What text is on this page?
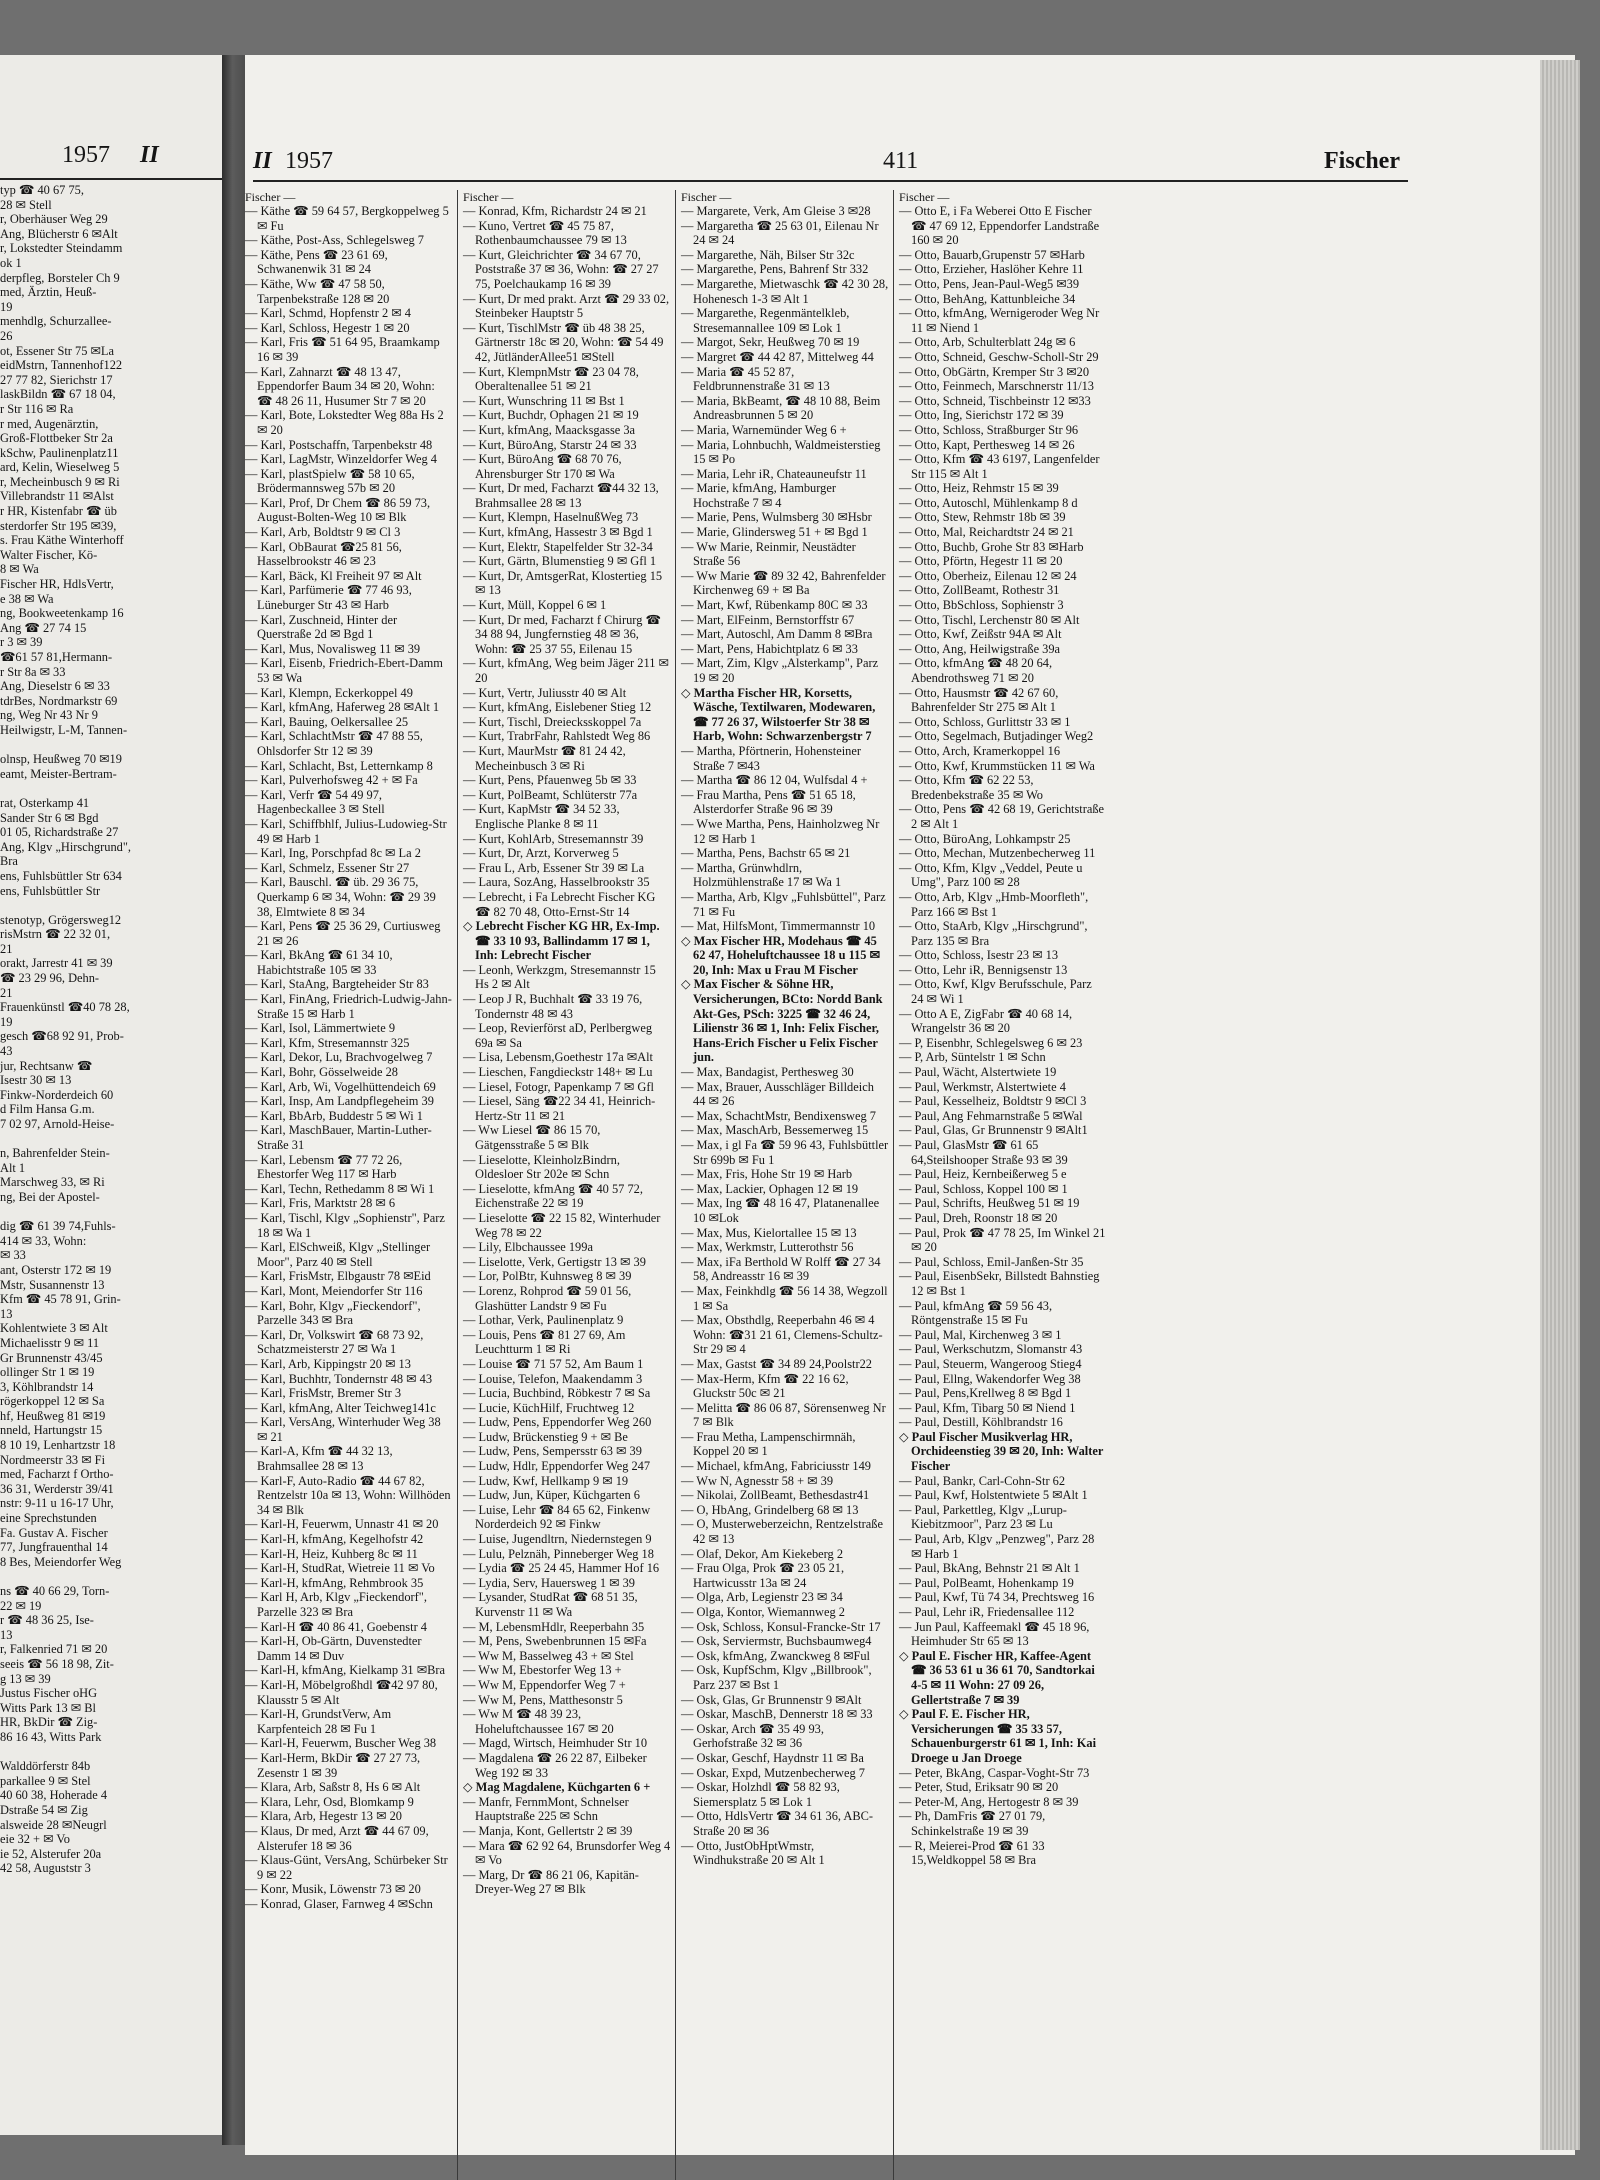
1957 II
typ ☎ 40 67 75,
28 ✉ Stell
r, Oberhäuser Weg 29
Ang, Blücherstr 6 ✉Alt
r, Lokstedter Steindamm
ok 1
derpfleg, Borsteler Ch 9
med, Ärztin, Heuß-
19
menhdlg, Schurzallee-
26
ot, Essener Str 75 ✉La
eidMstrn, Tannenhof122
27 77 82, Sierichstr 17
laskBildn ☎ 67 18 04,
r Str 116 ✉ Ra
r med, Augenärztin,
Groß-Flottbeker Str 2a
kSchw, Paulinenplatz11
ard, Kelin, Wieselweg 5
r, Mecheinbusch 9 ✉ Ri
Villebrandstr 11 ✉Alst
r HR, Kistenfabr ☎ üb
sterdorfer Str 195 ✉39,
s. Frau Käthe Winterhoff
Walter Fischer, Kö-
8 ✉ Wa
Fischer HR, HdlsVertr,
e 38 ✉ Wa
ng, Bookweetenkamp 16
Ang ☎ 27 74 15
r 3 ✉ 39
☎61 57 81,Hermann-
r Str 8a ✉ 33
Ang, Dieselstr 6 ✉ 33
tdrBes, Nordmarkstr 69
ng, Weg Nr 43 Nr 9
Heilwigstr, L-M, Tannen-

olnsp, Heußweg 70 ✉19
eamt, Meister-Bertram-

rat, Osterkamp 41
Sander Str 6 ✉ Bgd
01 05, Richardstraße 27
Ang, Klgv „Hirschgrund",
Bra
ens, Fuhlsbüttler Str 634
ens, Fuhlsbüttler Str

stenotyp, Grögersweg12
risMstrn ☎ 22 32 01,
21
orakt, Jarrestr 41 ✉ 39
☎ 23 29 96, Dehn-
21
Frauenkünstl ☎40 78 28,
19
gesch ☎68 92 91, Prob-
43
jur, Rechtsanw ☎
Isestr 30 ✉ 13
Finkw-Norderdeich 60
d Film Hansa G.m.
7 02 97, Arnold-Heise-

n, Bahrenfelder Stein-
Alt 1
Marschweg 33, ✉ Ri
ng, Bei der Apostel-

dig ☎ 61 39 74,Fuhls-
414 ✉ 33, Wohn:
✉ 33
ant, Osterstr 172 ✉ 19
Mstr, Susannenstr 13
Kfm ☎ 45 78 91, Grin-
13
Kohlentwiete 3 ✉ Alt
Michaelisstr 9 ✉ 11
Gr Brunnenstr 43/45
ollinger Str 1 ✉ 19
3, Köhlbrandstr 14
rögerkoppel 12 ✉ Sa
hf, Heußweg 81 ✉19
nneld, Hartungstr 15
8 10 19, Lenhartzstr 18
Nordmeerstr 33 ✉ Fi
med, Facharzt f Ortho-
36 31, Werderstr 39/41
nstr: 9-11 u 16-17 Uhr,
eine Sprechstunden
Fa. Gustav A. Fischer
77, Jungfrauenthal 14
8 Bes, Meiendorfer Weg

ns ☎ 40 66 29, Torn-
22 ✉ 19
r ☎ 48 36 25, Ise-
13
r, Falkenried 71 ✉ 20
seeis ☎ 56 18 98, Zit-
g 13 ✉ 39
Justus Fischer oHG
Witts Park 13 ✉ Bl
HR, BkDir ☎ Zig-
86 16 43, Witts Park

Walddörferstr 84b
parkallee 9 ✉ Stel
40 60 38, Hoherade 4
Dstraße 54 ✉ Zig
alsweide 28 ✉Neugrl
eie 32 + ✉ Vo
ie 52, Alsterufer 20a
42 58, Auguststr 3
II 1957	411	Fischer
Fischer —
— Käthe ☎ 59 64 57, Bergkoppelweg 5 ✉ Fu
— Käthe, Post-Ass, Schlegelsweg 7
— Käthe, Pens ☎ 23 61 69, Schwanenwik 31 ✉ 24
— Käthe, Ww ☎ 47 58 50, Tarpenbekstraße 128 ✉ 20
— Karl, Schmd, Hopfenstr 2 ✉ 4
— Karl, Schloss, Hegestr 1 ✉ 20
— Karl, Fris ☎ 51 64 95, Braamkamp 16 ✉ 39
— Karl, Zahnarzt ☎ 48 13 47, Eppendorfer Baum 34 ✉ 20, Wohn: ☎ 48 26 11, Husumer Str 7 ✉ 20
— Karl, Bote, Lokstedter Weg 88a Hs 2 ✉ 20
— Karl, Postschaffn, Tarpenbekstr 48
— Karl, LagMstr, Winzeldorfer Weg 4
— Karl, plastSpielw ☎ 58 10 65, Brödermannsweg 57b ✉ 20
— Karl, Prof, Dr Chem ☎ 86 59 73, August-Bolten-Weg 10 ✉ Blk
— Karl, Arb, Boldtstr 9 ✉ Cl 3
— Karl, ObBaurat ☎25 81 56, Hasselbrookstr 46 ✉ 23
— Karl, Bäck, Kl Freiheit 97 ✉ Alt
— Karl, Parfümerie ☎ 77 46 93, Lüneburger Str 43 ✉ Harb
— Karl, Zuschneid, Hinter der Querstraße 2d ✉ Bgd 1
— Karl, Mus, Novalisweg 11 ✉ 39
— Karl, Eisenb, Friedrich-Ebert-Damm 53 ✉ Wa
— Karl, Klempn, Eckerkoppel 49
— Karl, kfmAng, Haferweg 28 ✉Alt 1
— Karl, Bauing, Oelkersallee 25
— Karl, SchlachtMstr ☎ 47 88 55, Ohlsdorfer Str 12 ✉ 39
— Karl, Schlacht, Bst, Letternkamp 8
— Karl, Pulverhofsweg 42 + ✉ Fa
— Karl, Verfr ☎ 54 49 97, Hagenbeckallee 3 ✉ Stell
— Karl, Schiffbhlf, Julius-Ludowieg-Str 49 ✉ Harb 1
— Karl, Ing, Porschpfad 8c ✉ La 2
— Karl, Schmelz, Essener Str 27
— Karl, Bauschl. ☎ üb. 29 36 75, Querkamp 6 ✉ 34, Wohn: ☎ 29 39 38, Elmtwiete 8 ✉ 34
— Karl, Pens ☎ 25 36 29, Curtiusweg 21 ✉ 26
— Karl, BkAng ☎ 61 34 10, Habichtstraße 105 ✉ 33
— Karl, StaAng, Bargteheider Str 83
— Karl, FinAng, Friedrich-Ludwig-Jahn-Straße 15 ✉ Harb 1
— Karl, Isol, Lämmertwiete 9
— Karl, Kfm, Stresemannstr 325
— Karl, Dekor, Lu, Brachvogelweg 7
— Karl, Bohr, Gösselweide 28
— Karl, Arb, Wi, Vogelhüttendeich 69
— Karl, Insp, Am Landpflegeheim 39
— Karl, BbArb, Buddestr 5 ✉ Wi 1
— Karl, MaschBauer, Martin-Luther-Straße 31
— Karl, Lebensm ☎ 77 72 26, Ehestorfer Weg 117 ✉ Harb
— Karl, Techn, Rethedamm 8 ✉ Wi 1
— Karl, Fris, Marktstr 28 ✉ 6
— Karl, Tischl, Klgv „Sophienstr", Parz 18 ✉ Wa 1
— Karl, ElSchweiß, Klgv „Stellinger Moor", Parz 40 ✉ Stell
— Karl, FrisMstr, Elbgaustr 78 ✉Eid
— Karl, Mont, Meiendorfer Str 116
— Karl, Bohr, Klgv „Fieckendorf", Parzelle 343 ✉ Bra
— Karl, Dr, Volkswirt ☎ 68 73 92, Schatzmeisterstr 27 ✉ Wa 1
— Karl, Arb, Kippingstr 20 ✉ 13
— Karl, Buchhtr, Tondernstr 48 ✉ 43
— Karl, FrisMstr, Bremer Str 3
— Karl, kfmAng, Alter Teichweg141c
— Karl, VersAng, Winterhuder Weg 38 ✉ 21
— Karl-A, Kfm ☎ 44 32 13, Brahmsallee 28 ✉ 13
— Karl-F, Auto-Radio ☎ 44 67 82, Rentzelstr 10a ✉ 13, Wohn: Willhöden 34 ✉ Blk
— Karl-H, Feuerwm, Unnastr 41 ✉ 20
— Karl-H, kfmAng, Kegelhofstr 42
— Karl-H, Heiz, Kuhberg 8c ✉ 11
— Karl-H, StudRat, Wietreie 11 ✉ Vo
— Karl-H, kfmAng, Rehmbrook 35
— Karl H, Arb, Klgv „Fieckendorf", Parzelle 323 ✉ Bra
— Karl-H ☎ 40 86 41, Goebenstr 4
— Karl-H, Ob-Gärtn, Duvenstedter Damm 14 ✉ Duv
— Karl-H, kfmAng, Kielkamp 31 ✉Bra
— Karl-H, Möbelgroßhdl ☎42 97 80, Klausstr 5 ✉ Alt
— Karl-H, GrundstVerw, Am Karpfenteich 28 ✉ Fu 1
— Karl-H, Feuerwm, Buscher Weg 38
— Karl-Herm, BkDir ☎ 27 27 73, Zesenstr 1 ✉ 39
— Klara, Arb, Saßstr 8, Hs 6 ✉ Alt
— Klara, Lehr, Osd, Blomkamp 9
— Klara, Arb, Hegestr 13 ✉ 20
— Klaus, Dr med, Arzt ☎ 44 67 09, Alsterufer 18 ✉ 36
— Klaus-Günt, VersAng, Schürbeker Str 9 ✉ 22
— Konr, Musik, Löwenstr 73 ✉ 20
— Konrad, Glaser, Farnweg 4 ✉Schn
Fischer —
— Konrad, Kfm, Richardstr 24 ✉ 21
— Kuno, Vertret ☎ 45 75 87, Rothenbaumchaussee 79 ✉ 13
— Kurt, Gleichrichter ☎ 34 67 70, Poststraße 37 ✉ 36, Wohn: ☎ 27 27 75, Poelchaukamp 16 ✉ 39
— Kurt, Dr med prakt. Arzt ☎ 29 33 02, Steinbeker Hauptstr 5
— Kurt, TischlMstr ☎ üb 48 38 25, Gärtnerstr 18c ✉ 20, Wohn: ☎ 54 49 42, JütländerAllee51 ✉Stell
— Kurt, KlempnMstr ☎ 23 04 78, Oberaltenallee 51 ✉ 21
— Kurt, Wunschring 11 ✉ Bst 1
— Kurt, Buchdr, Ophagen 21 ✉ 19
— Kurt, kfmAng, Maacksgasse 3a
— Kurt, BüroAng, Starstr 24 ✉ 33
— Kurt, BüroAng ☎ 68 70 76, Ahrensburger Str 170 ✉ Wa
— Kurt, Dr med, Facharzt ☎44 32 13, Brahmsallee 28 ✉ 13
— Kurt, Klempn, HaselnußWeg 73
— Kurt, kfmAng, Hassestr 3 ✉ Bgd 1
— Kurt, Elektr, Stapelfelder Str 32-34
— Kurt, Gärtn, Blumenstieg 9 ✉ Gfl 1
— Kurt, Dr, AmtsgerRat, Klostertieg 15 ✉ 13
— Kurt, Müll, Koppel 6 ✉ 1
— Kurt, Dr med, Facharzt f Chirurg ☎ 34 88 94, Jungfernstieg 48 ✉ 36, Wohn: ☎ 25 37 55, Eilenau 15
— Kurt, kfmAng, Weg beim Jäger 211 ✉ 20
— Kurt, Vertr, Juliusstr 40 ✉ Alt
— Kurt, kfmAng, Eislebener Stieg 12
— Kurt, Tischl, Dreiecksskoppel 7a
— Kurt, TrabrFahr, Rahlstedt Weg 86
— Kurt, MaurMstr ☎ 81 24 42, Mecheinbusch 3 ✉ Ri
— Kurt, Pens, Pfauenweg 5b ✉ 33
— Kurt, PolBeamt, Schlüterstr 77a
— Kurt, KapMstr ☎ 34 52 33, Englische Planke 8 ✉ 11
— Kurt, KohlArb, Stresemannstr 39
— Kurt, Dr, Arzt, Korverweg 5
— Frau L, Arb, Essener Str 39 ✉ La
— Laura, SozAng, Hasselbrookstr 35
— Lebrecht, i Fa Lebrecht Fischer KG ☎ 82 70 48, Otto-Ernst-Str 14
◇ Lebrecht Fischer KG HR, Ex-Imp. ☎ 33 10 93, Ballindamm 17 ✉ 1, Inh: Lebrecht Fischer
— Leonh, Werkzgm, Stresemannstr 15 Hs 2 ✉ Alt
— Leop J R, Buchhalt ☎ 33 19 76, Tondernstr 48 ✉ 43
— Leop, Revierförst aD, Perlbergweg 69a ✉ Sa
— Lisa, Lebensm,Goethestr 17a ✉Alt
— Lieschen, Fangdieckstr 148+ ✉ Lu
— Liesel, Fotogr, Papenkamp 7 ✉ Gfl
— Liesel, Säng ☎22 34 41, Heinrich-Hertz-Str 11 ✉ 21
— Ww Liesel ☎ 86 15 70, Gätgensstraße 5 ✉ Blk
— Lieselotte, KleinholzBindrn, Oldesloer Str 202e ✉ Schn
— Lieselotte, kfmAng ☎ 40 57 72, Eichenstraße 22 ✉ 19
— Lieselotte ☎ 22 15 82, Winterhuder Weg 78 ✉ 22
— Lily, Elbchaussee 199a
— Liselotte, Verk, Gertigstr 13 ✉ 39
— Lor, PolBtr, Kuhnsweg 8 ✉ 39
— Lorenz, Rohprod ☎ 59 01 56, Glashütter Landstr 9 ✉ Fu
— Lothar, Verk, Paulinenplatz 9
— Louis, Pens ☎ 81 27 69, Am Leuchtturm 1 ✉ Ri
— Louise ☎ 71 57 52, Am Baum 1
— Louise, Telefon, Maakendamm 3
— Lucia, Buchbind, Röbkestr 7 ✉ Sa
— Lucie, KüchHilf, Fruchtweg 12
— Ludw, Pens, Eppendorfer Weg 260
— Ludw, Brückenstieg 9 + ✉ Be
— Ludw, Pens, Sempersstr 63 ✉ 39
— Ludw, Hdlr, Eppendorfer Weg 247
— Ludw, Kwf, Hellkamp 9 ✉ 19
— Ludw, Jun, Küper, Küchgarten 6
— Luise, Lehr ☎ 84 65 62, Finkenw Norderdeich 92 ✉ Finkw
— Luise, Jugendltrn, Niedernstegen 9
— Lulu, Pelznäh, Pinneberger Weg 18
— Lydia ☎ 25 24 45, Hammer Hof 16
— Lydia, Serv, Hauersweg 1 ✉ 39
— Lysander, StudRat ☎ 68 51 35, Kurvenstr 11 ✉ Wa
— M, LebensmHdlr, Reeperbahn 35
— M, Pens, Swebenbrunnen 15 ✉Fa
— Ww M, Basselweg 43 + ✉ Stel
— Ww M, Ebestorfer Weg 13 +
— Ww M, Eppendorfer Weg 7 +
— Ww M, Pens, Matthesonstr 5
— Ww M ☎ 48 39 23, Hoheluftchaussee 167 ✉ 20
— Magd, Wirtsch, Heimhuder Str 10
— Magdalena ☎ 26 22 87, Eilbeker Weg 192 ✉ 33
◇ Mag Magdalene, Küchgarten 6 +
— Manfr, FernmMont, Schnelser Hauptstraße 225 ✉ Schn
— Manja, Kont, Gellertstr 2 ✉ 39
— Mara ☎ 62 92 64, Brunsdorfer Weg 4 ✉ Vo
— Marg, Dr ☎ 86 21 06, Kapitän-Dreyer-Weg 27 ✉ Blk
Fischer —
— Margarete, Verk, Am Gleise 3 ✉28
— Margaretha ☎ 25 63 01, Eilenau Nr 24 ✉ 24
— Margarethe, Näh, Bilser Str 32c
— Margarethe, Pens, Bahrenf Str 332
— Margarethe, Mietwaschk ☎ 42 30 28, Hohenesch 1-3 ✉ Alt 1
— Margarethe, Regenmäntelkleb, Stresemannallee 109 ✉ Lok 1
— Margot, Sekr, Heußweg 70 ✉ 19
— Margret ☎ 44 42 87, Mittelweg 44
— Maria ☎ 45 52 87, Feldbrunnenstraße 31 ✉ 13
— Maria, BkBeamt, ☎ 48 10 88, Beim Andreasbrunnen 5 ✉ 20
— Maria, Warnemünder Weg 6 +
— Maria, Lohnbuchh, Waldmeisterstieg 15 ✉ Po
— Maria, Lehr iR, Chateauneufstr 11
— Marie, kfmAng, Hamburger Hochstraße 7 ✉ 4
— Marie, Pens, Wulmsberg 30 ✉Hsbr
— Marie, Glindersweg 51 + ✉ Bgd 1
— Ww Marie, Reinmir, Neustädter Straße 56
— Ww Marie ☎ 89 32 42, Bahrenfelder Kirchenweg 69 + ✉ Ba
— Mart, Kwf, Rübenkamp 80C ✉ 33
— Mart, ElFeinm, Bernstorffstr 67
— Mart, Autoschl, Am Damm 8 ✉Bra
— Mart, Pens, Habichtplatz 6 ✉ 33
— Mart, Zim, Klgv „Alsterkamp", Parz 19 ✉ 20
◇ Martha Fischer HR, Korsetts, Wäsche, Textilwaren, Modewaren, ☎ 77 26 37, Wilstoerfer Str 38 ✉ Harb, Wohn: Schwarzenbergstr 7
— Martha, Pförtnerin, Hohensteiner Straße 7 ✉43
— Martha ☎ 86 12 04, Wulfsdal 4 +
— Frau Martha, Pens ☎ 51 65 18, Alsterdorfer Straße 96 ✉ 39
— Wwe Martha, Pens, Hainholzweg Nr 12 ✉ Harb 1
— Martha, Pens, Bachstr 65 ✉ 21
— Martha, Grünwhdlrn, Holzmühlenstraße 17 ✉ Wa 1
— Martha, Arb, Klgv „Fuhlsbüttel", Parz 71 ✉ Fu
— Mat, HilfsMont, Timmermannstr 10
◇ Max Fischer HR, Modehaus ☎ 45 62 47, Hoheluftchaussee 18 u 115 ✉20, Inh: Max u Frau M Fischer
◇ Max Fischer & Söhne HR, Versicherungen, BCto: Nordd Bank Akt-Ges, PSch: 3225 ☎ 32 46 24, Lilienstr 36 ✉ 1, Inh: Felix Fischer, Hans-Erich Fischer u Felix Fischer jun.
— Max, Bandagist, Perthesweg 30
— Max, Brauer, Ausschläger Billdeich 44 ✉ 26
— Max, SchachtMstr, Bendixensweg 7
— Max, MaschArb, Bessemerweg 15
— Max, i gl Fa ☎ 59 96 43, Fuhlsbüttler Str 699b ✉ Fu 1
— Max, Fris, Hohe Str 19 ✉ Harb
— Max, Lackier, Ophagen 12 ✉ 19
— Max, Ing ☎ 48 16 47, Platanenallee 10 ✉Lok
— Max, Mus, Kielortallee 15 ✉ 13
— Max, Werkmstr, Lutterothstr 56
— Max, iFa Berthold W Rolff ☎ 27 34 58, Andreasstr 16 ✉ 39
— Max, Feinkhdlg ☎ 56 14 38, Wegzoll 1 ✉ Sa
— Max, Obsthdlg, Reeperbahn 46 ✉ 4 Wohn: ☎31 21 61, Clemens-Schultz-Str 29 ✉ 4
— Max, Gastst ☎ 34 89 24,Poolstr22
— Max-Herm, Kfm ☎ 22 16 62, Gluckstr 50c ✉ 21
— Melitta ☎ 86 06 87, Sörensenweg Nr 7 ✉ Blk
— Frau Metha, Lampenschirmnäh, Koppel 20 ✉ 1
— Michael, kfmAng, Fabriciusstr 149
— Ww N, Agnesstr 58 + ✉ 39
— Nikolai, ZollBeamt, Bethesdastr41
— O, HbAng, Grindelberg 68 ✉ 13
— O, Musterweberzeichn, Rentzelstraße 42 ✉ 13
— Olaf, Dekor, Am Kiekeberg 2
— Frau Olga, Prok ☎ 23 05 21, Hartwicusstr 13a ✉ 24
— Olga, Arb, Legienstr 23 ✉ 34
— Olga, Kontor, Wiemannweg 2
— Osk, Schloss, Konsul-Francke-Str 17
— Osk, Serviermstr, Buchsbaumweg4
— Osk, kfmAng, Zwanckweg 8 ✉Ful
— Osk, KupfSchm, Klgv „Billbrook", Parz 237 ✉ Bst 1
— Osk, Glas, Gr Brunnenstr 9 ✉Alt
— Oskar, MaschB, Dennerstr 18 ✉ 33
— Oskar, Arch ☎ 35 49 93, Gerhofstraße 32 ✉ 36
— Oskar, Geschf, Haydnstr 11 ✉ Ba
— Oskar, Expd, Mutzenbecherweg 7
— Oskar, Holzhdl ☎ 58 82 93, Siemersplatz 5 ✉ Lok 1
— Otto, HdlsVertr ☎ 34 61 36, ABC-Straße 20 ✉ 36
— Otto, JustObHptWmstr, Windhukstraße 20 ✉ Alt 1
Fischer —
— Otto E, i Fa Weberei Otto E Fischer ☎ 47 69 12, Eppendorfer Landstraße 160 ✉ 20
— Otto, Bauarb,Grupenstr 57 ✉Harb
— Otto, Erzieher, Haslöher Kehre 11
— Otto, Pens, Jean-Paul-Weg5 ✉39
— Otto, BehAng, Kattunbleiche 34
— Otto, kfmAng, Wernigeroder Weg Nr 11 ✉ Niend 1
— Otto, Arb, Schulterblatt 24g ✉ 6
— Otto, Schneid, Geschw-Scholl-Str 29
— Otto, ObGärtn, Kremper Str 3 ✉20
— Otto, Feinmech, Marschnerstr 11/13
— Otto, Schneid, Tischbeinstr 12 ✉33
— Otto, Ing, Sierichstr 172 ✉ 39
— Otto, Schloss, Straßburger Str 96
— Otto, Kapt, Perthesweg 14 ✉ 26
— Otto, Kfm ☎ 43 6197, Langenfelder Str 115 ✉ Alt 1
— Otto, Heiz, Rehmstr 15 ✉ 39
— Otto, Autoschl, Mühlenkamp 8 d
— Otto, Stew, Rehmstr 18b ✉ 39
— Otto, Mal, Reichardtstr 24 ✉ 21
— Otto, Buchb, Grohe Str 83 ✉Harb
— Otto, Pförtn, Hegestr 11 ✉ 20
— Otto, Oberheiz, Eilenau 12 ✉ 24
— Otto, ZollBeamt, Rothestr 31
— Otto, BbSchloss, Sophienstr 3
— Otto, Tischl, Lerchenstr 80 ✉ Alt
— Otto, Kwf, Zeißstr 94A ✉ Alt
— Otto, Ang, Heilwigstraße 39a
— Otto, kfmAng ☎ 48 20 64, Abendrothsweg 71 ✉ 20
— Otto, Hausmstr ☎ 42 67 60, Bahrenfelder Str 275 ✉ Alt 1
— Otto, Schloss, Gurlittstr 33 ✉ 1
— Otto, Segelmach, Butjadinger Weg2
— Otto, Arch, Kramerkoppel 16
— Otto, Kwf, Krummstücken 11 ✉ Wa
— Otto, Kfm ☎ 62 22 53, Bredenbekstraße 35 ✉ Wo
— Otto, Pens ☎ 42 68 19, Gerichtstraße 2 ✉ Alt 1
— Otto, BüroAng, Lohkampstr 25
— Otto, Mechan, Mutzenbecherweg 11
— Otto, Kfm, Klgv „Veddel, Peute u Umg", Parz 100 ✉ 28
— Otto, Arb, Klgv „Hmb-Moorfleth", Parz 166 ✉ Bst 1
— Otto, StaArb, Klgv „Hirschgrund", Parz 135 ✉ Bra
— Otto, Schloss, Isestr 23 ✉ 13
— Otto, Lehr iR, Bennigsenstr 13
— Otto, Kwf, Klgv Berufsschule, Parz 24 ✉ Wi 1
— Otto A E, ZigFabr ☎ 40 68 14, Wrangelstr 36 ✉ 20
— P, Eisenbhr, Schlegelsweg 6 ✉ 23
— P, Arb, Süntelstr 1 ✉ Schn
— Paul, Wächt, Alstertwiete 19
— Paul, Werkmstr, Alstertwiete 4
— Paul, Kesselheiz, Boldtstr 9 ✉Cl 3
— Paul, Ang Fehmarnstraße 5 ✉Wal
— Paul, Glas, Gr Brunnenstr 9 ✉Alt1
— Paul, GlasMstr ☎ 61 65 64,Steilshooper Straße 93 ✉ 39
— Paul, Heiz, Kernbeißerweg 5 e
— Paul, Schloss, Koppel 100 ✉ 1
— Paul, Schrifts, Heußweg 51 ✉ 19
— Paul, Dreh, Roonstr 18 ✉ 20
— Paul, Prok ☎ 47 78 25, Im Winkel 21 ✉ 20
— Paul, Schloss, Emil-Janßen-Str 35
— Paul, EisenbSekr, Billstedt Bahnstieg 12 ✉ Bst 1
— Paul, kfmAng ☎ 59 56 43, Röntgenstraße 15 ✉ Fu
— Paul, Mal, Kirchenweg 3 ✉ 1
— Paul, Werkschutzm, Slomanstr 43
— Paul, Steuerm, Wangeroog Stieg4
— Paul, Ellng, Wakendorfer Weg 38
— Paul, Pens,Krellweg 8 ✉ Bgd 1
— Paul, Kfm, Tibarg 50 ✉ Niend 1
— Paul, Destill, Köhlbrandstr 16
◇ Paul Fischer Musikverlag HR, Orchideenstieg 39 ✉ 20, Inh: Walter Fischer
— Paul, Bankr, Carl-Cohn-Str 62
— Paul, Kwf, Holstentwiete 5 ✉Alt 1
— Paul, Parkettleg, Klgv „Lurup-Kiebitzmoor", Parz 23 ✉ Lu
— Paul, Arb, Klgv „Penzweg", Parz 28 ✉ Harb 1
— Paul, BkAng, Behnstr 21 ✉ Alt 1
— Paul, PolBeamt, Hohenkamp 19
— Paul, Kwf, Tü 74 34, Prechtsweg 16
— Paul, Lehr iR, Friedensallee 112
— Jun Paul, Kaffeemakl ☎ 45 18 96, Heimhuder Str 65 ✉ 13
◇ Paul E. Fischer HR, Kaffee-Agent ☎ 36 53 61 u 36 61 70, Sandtorkai 4-5 ✉ 11 Wohn: 27 09 26, Gellertstraße 7 ✉ 39
◇ Paul F. E. Fischer HR, Versicherungen ☎ 35 33 57, Schauenburgerstr 61 ✉ 1, Inh: Kai Droege u Jan Droege
— Peter, BkAng, Caspar-Voght-Str 73
— Peter, Stud, Eriksatr 90 ✉ 20
— Peter-M, Ang, Hertogestr 8 ✉ 39
— Ph, DamFris ☎ 27 01 79, Schinkelstraße 19 ✉ 39
— R, Meierei-Prod ☎ 61 33 15,Weldkoppel 58 ✉ Bra
